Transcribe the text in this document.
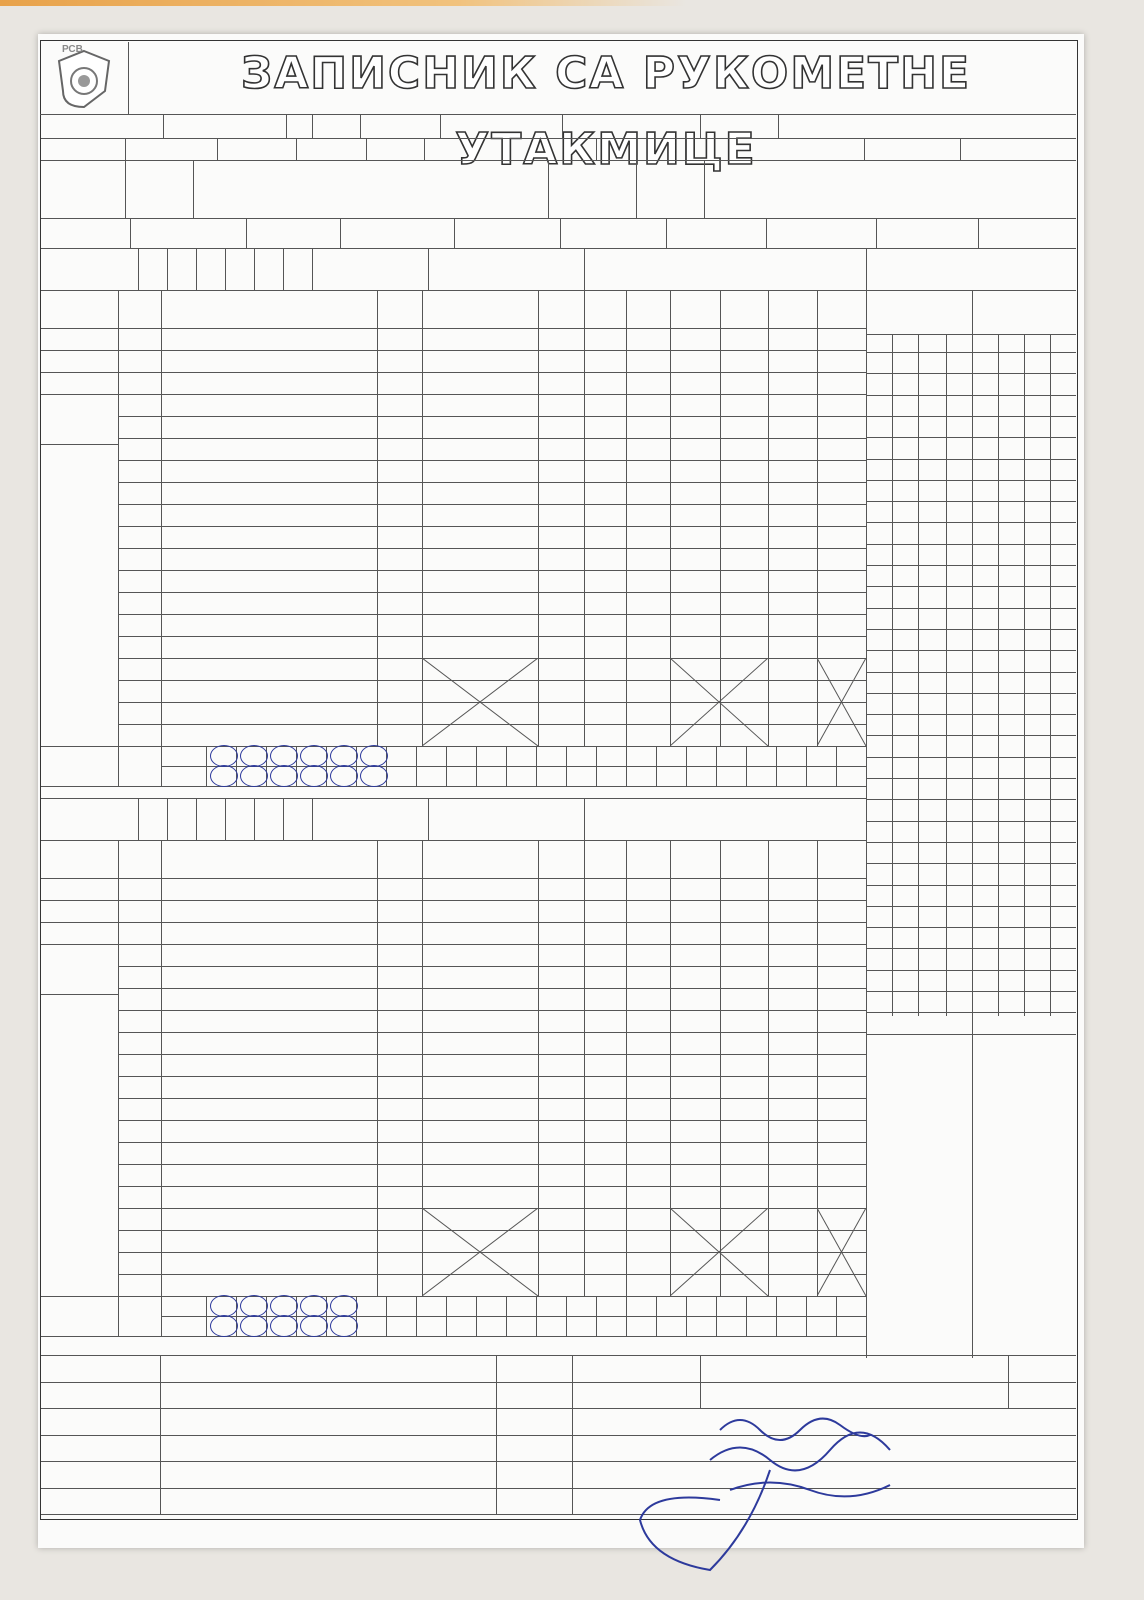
РСВ	ЗАПИСНИК СА РУКОМЕТНЕ УТАКМИЦЕ
